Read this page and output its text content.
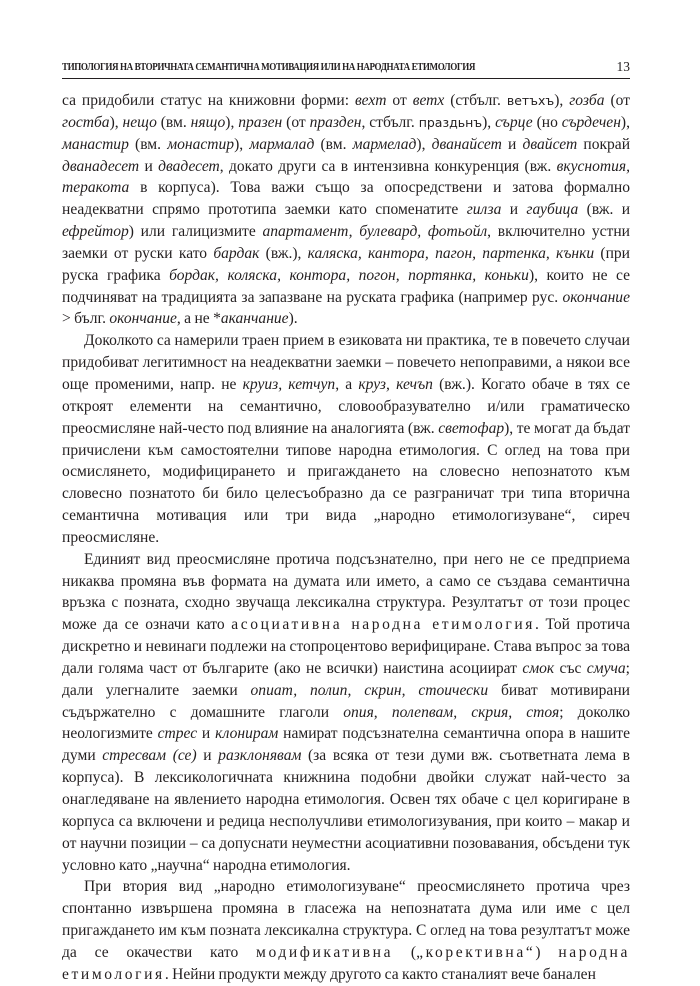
ТИПОЛОГИЯ НА ВТОРИЧНАТА СЕМАНТИЧНА МОТИВАЦИЯ ИЛИ НА НАРОДНАТА ЕТИМОЛОГИЯ	13

са придобили статус на книжовни форми: вехт от ветх (стбълг. ветъхъ), гозба (от гостба), нещо (вм. нящо), празен (от празден, стбълг. праздьнъ), сърце (но сърдечен), манастир (вм. монастир), мармалад (вм. мармелад), дванайсет и двайсет покрай дванадесет и двадесет, докато други са в интензивна конкуренция (вж. вкуснотия, теракота в корпуса). Това важи също за опосредствени и затова формално неадекватни спрямо прототипа заемки като споменатите гилза и гаубица (вж. и ефрейтор) или галицизмите апартамент, булевард, фотьойл, включително устни заемки от руски като бардак (вж.), каляска, кантора, пагон, партенка, кънки (при руска графика бордак, коляска, контора, погон, портянка, коньки), които не се подчиняват на традицията за запазване на руската графика (например рус. окончание > бълг. окончание, а не *аканчание).

Доколкото са намерили траен прием в езиковата ни практика, те в повечето случаи придобиват легитимност на неадекватни заемки – повечето непоправими, а някои все още променими, напр. не круиз, кетчуп, а круз, кечъп (вж.). Когато обаче в тях се откроят елементи на семантично, словообразувателно и/или граматическо преосмисляне най-често под влияние на аналогията (вж. светофар), те могат да бъдат причислени към самостоятелни типове народна етимология. С оглед на това при осмислянето, модифицирането и пригаждането на словесно непознатото към словесно познатото би било целесъобразно да се разграничат три типа вторична семантична мотивация или три вида „народно етимологизуване“, сиреч преосмисляне.

Единият вид преосмисляне протича подсъзнателно, при него не се предприема никаква промяна във формата на думата или името, а само се създава семантична връзка с позната, сходно звучаща лексикална структура. Резултатът от този процес може да се означи като асоциативна народна етимология. Той протича дискретно и невинаги подлежи на стопроцентово верифициране. Става въпрос за това дали голяма част от българите (ако не всички) наистина асоциират смок със смуча; дали улегналите заемки опиат, полип, скрин, стоически биват мотивирани съдържателно с домашните глаголи опия, полепвам, скрия, стоя; доколко неологизмите стрес и клонирам намират подсъзнателна семантична опора в нашите думи стресвам (се) и разклонявам (за всяка от тези думи вж. съответната лема в корпуса). В лексикологичната книжнина подобни двойки служат най-често за онагледяване на явлението народна етимология. Освен тях обаче с цел коригиране в корпуса са включени и редица несполучливи етимологизувания, при които – макар и от научни позиции – са допуснати неуместни асоциативни позовавания, обсъдени тук условно като „научна“ народна етимология.

При втория вид „народно етимологизуване“ преосмислянето протича чрез спонтанно извършена промяна в гласежа на непознатата дума или име с цел пригаждането им към позната лексикална структура. С оглед на това резултатът може да се окачестви като модификативна („корективна“) народна етимология. Нейни продукти между другото са както станалият вече банален
